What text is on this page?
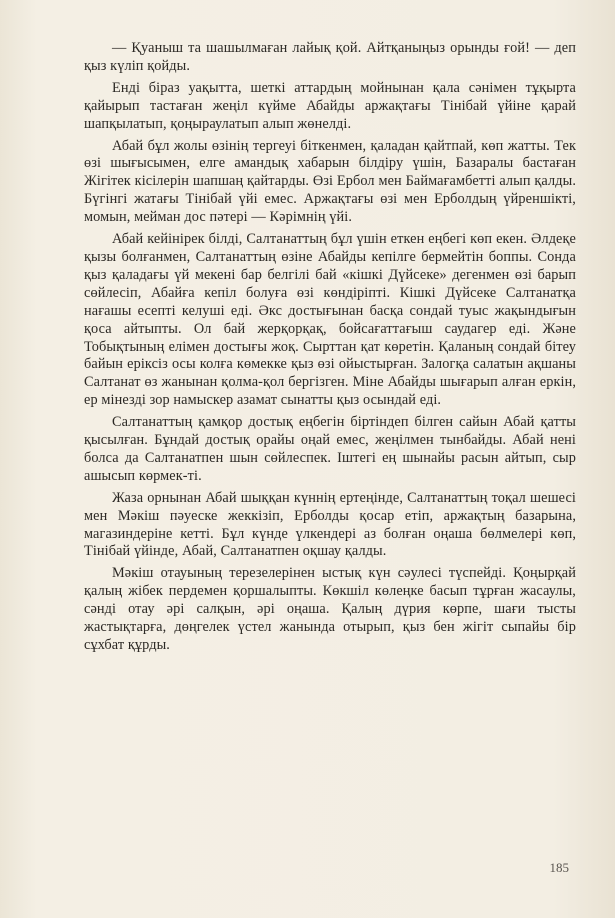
— Қуаныш та шашылмаған лайық қой. Айтқаныңыз орынды ғой! — деп қыз күліп қойды.

Енді біраз уақытта, шеткі аттардың мойнынан қала сәнімен тұқырта қайырып тастаған жеңіл күйме Абайды аржақтағы Тінібай үйіне қарай шапқылатып, қоңыраулатып алып жөнелді.

Абай бұл жолы өзінің тергеуі біткенмен, қаладан қайтпай, көп жатты. Тек өзі шығысымен, елге амандық хабарын білдіру үшін, Базаралы бастаған Жігітек кісілерін шапшаң қайтарды. Өзі Ербол мен Баймағамбетті алып қалды. Бүгінгі жатағы Тінібай үйі емес. Аржақтағы өзі мен Ерболдың үйреншікті, момын, мейман дос пәтері — Кәрімнің үйі.

Абай кейінірек білді, Салтанаттың бұл үшін еткен еңбегі көп екен. Әлдеқе қызы болғанмен, Салтанаттың өзіне Абайды кепілге бермейтін боппы. Сонда қыз қаладағы үй мекені бар белгілі бай «кішкі Дүйсеке» дегенмен өзі барып сөйлесіп, Абайға кепіл болуға өзі көндіріпті. Кішкі Дүйсеке Салтанатқа нағашы есепті келуші еді. Әкс достығынан басқа сондай туыс жақындығын қоса айтыпты. Ол бай жерқорқақ, бойсағаттағыш саудагер еді. Және Тобықтының елімен достығы жоқ. Сырттан қат көретін. Қаланың сондай бітеу байын еріксіз осы колға көмекке қыз өзі ойыстырған. Залогқа салатын ақшаны Салтанат өз жанынан қолма-қол бергізген. Міне Абайды шығарып алған еркін, ер мінезді зор намыскер азамат сынатты қыз осындай еді.

Салтанаттың қамқор достық еңбегін біртіндеп білген сайын Абай қатты қысылған. Бұндай достық орайы оңай емес, жеңілмен тынбайды. Абай нені болса да Салтанатпен шын сөйлеспек. Іштегі ең шынайы расын айтып, сыр ашысып көрмек-ті.

Жаза орнынан Абай шыққан күннің ертеңінде, Салтанаттың тоқал шешесі мен Мәкіш пәуеске жеккізіп, Ерболды қосар етіп, аржақтың базарына, магазиндеріне кетті. Бұл күнде үлкендері аз болған оңаша бөлмелері көп, Тінібай үйінде, Абай, Салтанатпен оқшау қалды.

Мәкіш отауының терезелерінен ыстық күн сәулесі түспейді. Қоңырқай қалың жібек пердемен қоршалыпты. Көкшіл көлеңке басып тұрған жасаулы, сәнді отау әрі салқын, әрі оңаша. Қалың дүрия көрпе, шағи тысты жастықтарға, дөңгелек үстел жанында отырып, қыз бен жігіт сыпайы бір сұхбат құрды.

185
